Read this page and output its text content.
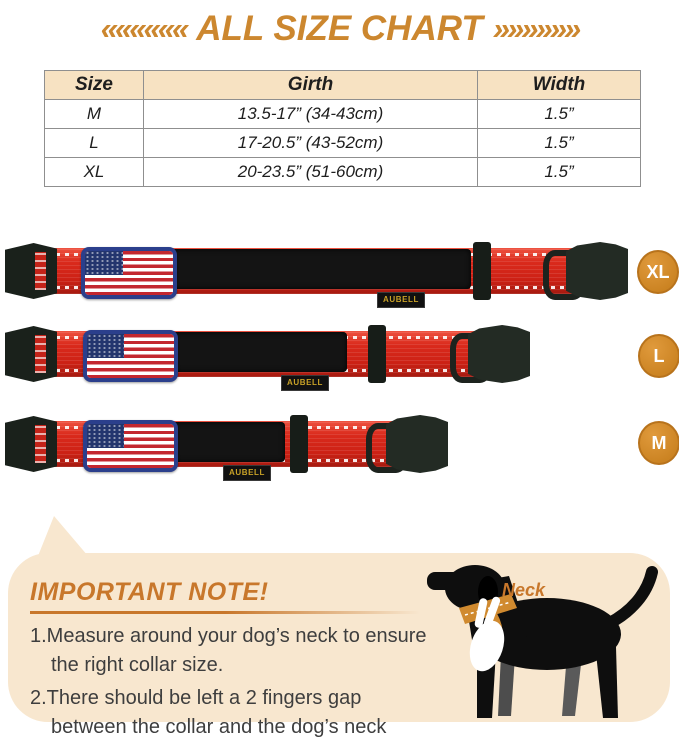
«««««« ALL SIZE CHART »»»»»»
Size	Girth	Width
M	13.5-17” (34-43cm)	1.5”
L	17-20.5” (43-52cm)	1.5”
XL	20-23.5” (51-60cm)	1.5”
AUBELL
XL
AUBELL
L
AUBELL
M
IMPORTANT NOTE!
1.Measure around your dog’s neck to ensure the right collar size.
2.There should be left a 2 fingers gap between the collar and the dog’s neck
Neck
